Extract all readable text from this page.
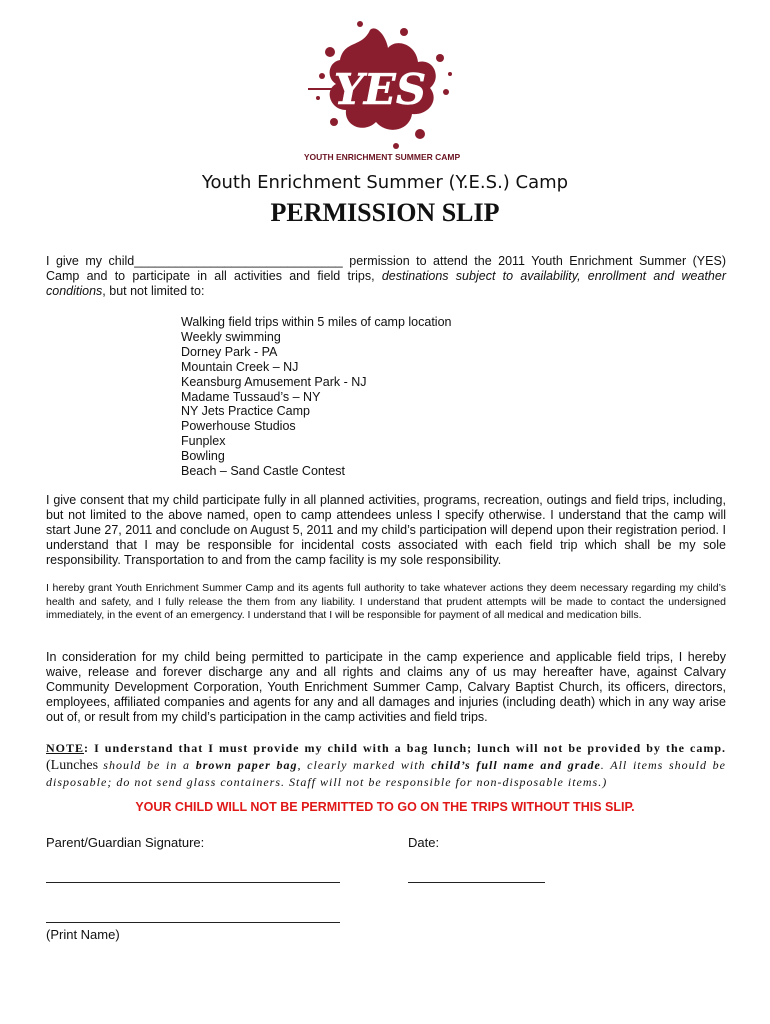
YES
YOUTH ENRICHMENT SUMMER CAMP
Youth Enrichment Summer (Y.E.S.) Camp
PERMISSION SLIP

I give my child______________________________ permission to attend the 2011 Youth Enrichment Summer (YES) Camp and to participate in all activities and field trips, destinations subject to availability, enrollment and weather conditions, but not limited to:

Walking field trips within 5 miles of camp location
Weekly swimming
Dorney Park - PA
Mountain Creek – NJ
Keansburg Amusement Park - NJ
Madame Tussaud’s – NY
NY Jets Practice Camp
Powerhouse Studios
Funplex
Bowling
Beach – Sand Castle Contest

I give consent that my child participate fully in all planned activities, programs, recreation, outings and field trips, including, but not limited to the above named, open to camp attendees unless I specify otherwise. I understand that the camp will start June 27, 2011 and conclude on August 5, 2011 and my child’s participation will depend upon their registration period. I understand that I may be responsible for incidental costs associated with each field trip which shall be my sole responsibility. Transportation to and from the camp facility is my sole responsibility.

I hereby grant Youth Enrichment Summer Camp and its agents full authority to take whatever actions they deem necessary regarding my child’s health and safety, and I fully release the them from any liability. I understand that prudent attempts will be made to contact the undersigned immediately, in the event of an emergency. I understand that I will be responsible for payment of all medical and medication bills.

In consideration for my child being permitted to participate in the camp experience and applicable field trips, I hereby waive, release and forever discharge any and all rights and claims any of us may hereafter have, against Calvary Community Development Corporation, Youth Enrichment Summer Camp, Calvary Baptist Church, its officers, directors, employees, affiliated companies and agents for any and all damages and injuries (including death) which in any way arise out of, or result from my child’s participation in the camp activities and field trips.

NOTE: I understand that I must provide my child with a bag lunch; lunch will not be provided by the camp. (Lunches should be in a brown paper bag, clearly marked with child’s full name and grade. All items should be disposable; do not send glass containers. Staff will not be responsible for non-disposable items.)
YOUR CHILD WILL NOT BE PERMITTED TO GO ON THE TRIPS WITHOUT THIS SLIP.
Parent/Guardian Signature:	Date:
(Print Name)
